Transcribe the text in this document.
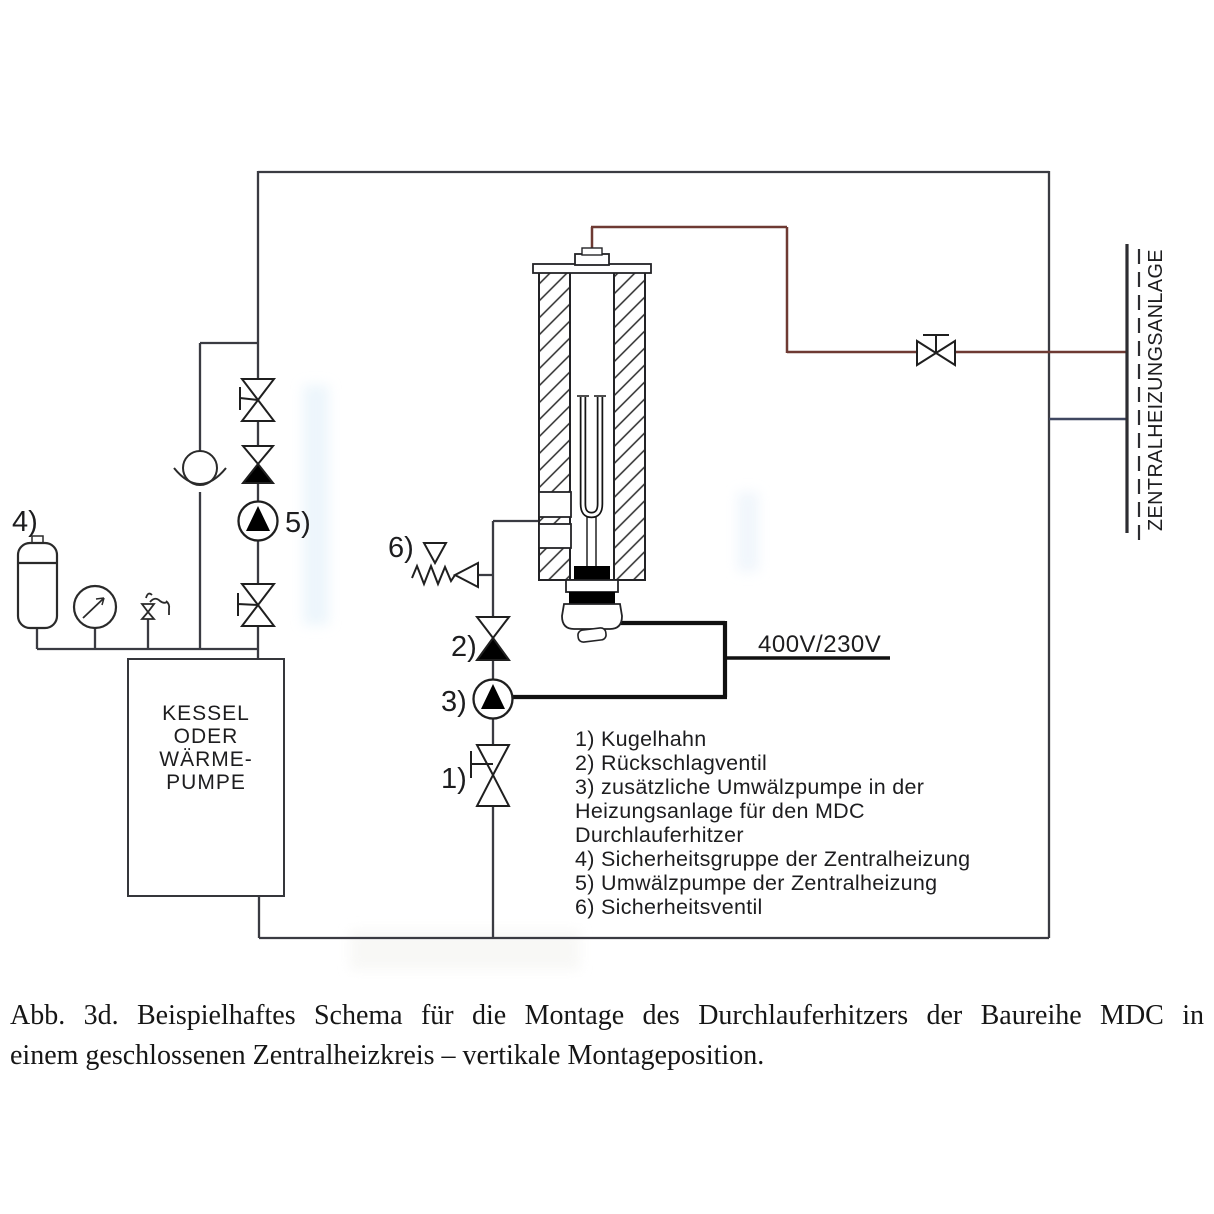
ZENTRALHEIZUNGSANLAGE
KESSEL
ODER
WÄRME-
PUMPE
4)	5)
6)
2)
3)
1)
400V/230V
1) Kugelhahn
2) Rückschlagventil
3) zusätzliche Umwälzpumpe in der
Heizungsanlage für den MDC
Durchlauferhitzer
4) Sicherheitsgruppe der Zentralheizung
5) Umwälzpumpe der Zentralheizung
6) Sicherheitsventil
Abb. 3d. Beispielhaftes Schema für die Montage des Durchlauferhitzers der Baureihe MDC in
einem geschlossenen Zentralheizkreis – vertikale Montageposition.
